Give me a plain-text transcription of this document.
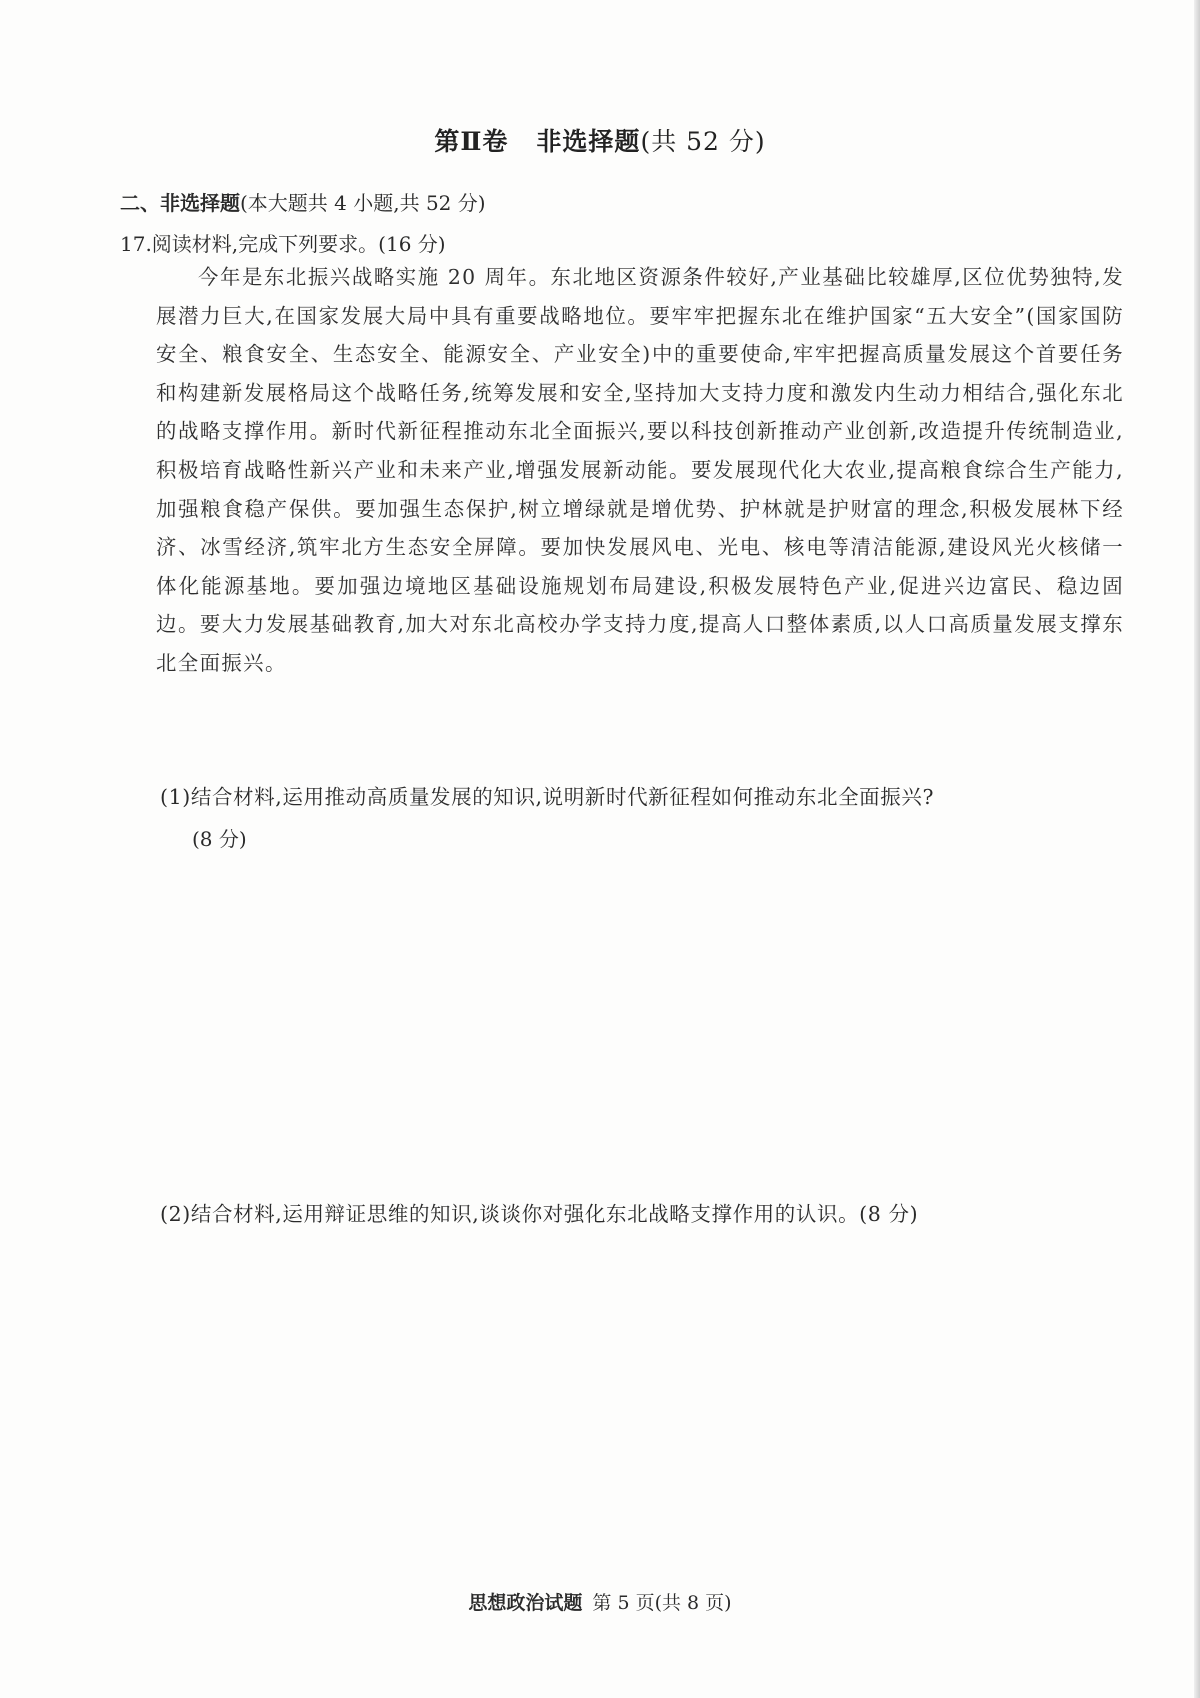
第Ⅱ卷 非选择题(共 52 分)
二、非选择题(本大题共 4 小题,共 52 分)
17.阅读材料,完成下列要求。(16 分)
今年是东北振兴战略实施 20 周年。东北地区资源条件较好,产业基础比较雄厚,区位优势独特,发展潜力巨大,在国家发展大局中具有重要战略地位。要牢牢把握东北在维护国家“五大安全”(国家国防安全、粮食安全、生态安全、能源安全、产业安全)中的重要使命,牢牢把握高质量发展这个首要任务和构建新发展格局这个战略任务,统筹发展和安全,坚持加大支持力度和激发内生动力相结合,强化东北的战略支撑作用。新时代新征程推动东北全面振兴,要以科技创新推动产业创新,改造提升传统制造业,积极培育战略性新兴产业和未来产业,增强发展新动能。要发展现代化大农业,提高粮食综合生产能力,加强粮食稳产保供。要加强生态保护,树立增绿就是增优势、护林就是护财富的理念,积极发展林下经济、冰雪经济,筑牢北方生态安全屏障。要加快发展风电、光电、核电等清洁能源,建设风光火核储一体化能源基地。要加强边境地区基础设施规划布局建设,积极发展特色产业,促进兴边富民、稳边固边。要大力发展基础教育,加大对东北高校办学支持力度,提高人口整体素质,以人口高质量发展支撑东北全面振兴。
(1)结合材料,运用推动高质量发展的知识,说明新时代新征程如何推动东北全面振兴?
(8 分)
(2)结合材料,运用辩证思维的知识,谈谈你对强化东北战略支撑作用的认识。(8 分)
思想政治试题 第 5 页(共 8 页)
